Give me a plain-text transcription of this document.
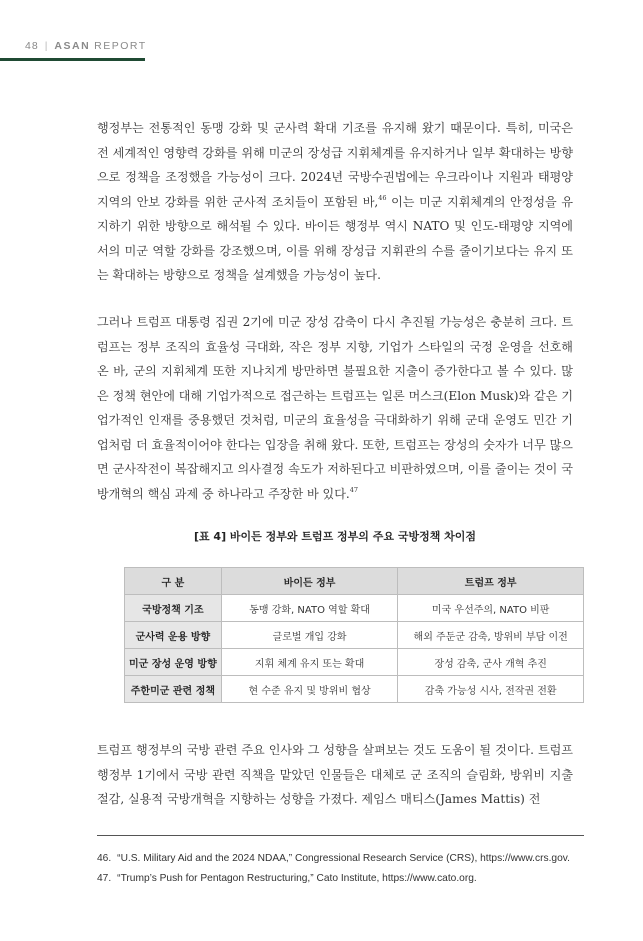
48 | ASAN REPORT

행정부는 전통적인 동맹 강화 및 군사력 확대 기조를 유지해 왔기 때문이다. 특히, 미국은 전 세계적인 영향력 강화를 위해 미군의 장성급 지휘체계를 유지하거나 일부 확대하는 방향으로 정책을 조정했을 가능성이 크다. 2024년 국방수권법에는 우크라이나 지원과 태평양 지역의 안보 강화를 위한 군사적 조치들이 포함된 바,$^{46}$ 이는 미군 지휘체계의 안정성을 유지하기 위한 방향으로 해석될 수 있다. 바이든 행정부 역시 NATO 및 인도-태평양 지역에서의 미군 역할 강화를 강조했으며, 이를 위해 장성급 지휘관의 수를 줄이기보다는 유지 또는 확대하는 방향으로 정책을 설계했을 가능성이 높다.

그러나 트럼프 대통령 집권 2기에 미군 장성 감축이 다시 추진될 가능성은 충분히 크다. 트럼프는 정부 조직의 효율성 극대화, 작은 정부 지향, 기업가 스타일의 국정 운영을 선호해 온 바, 군의 지휘체계 또한 지나치게 방만하면 불필요한 지출이 증가한다고 볼 수 있다. 많은 정책 현안에 대해 기업가적으로 접근하는 트럼프는 일론 머스크(Elon Musk)와 같은 기업가적인 인재를 중용했던 것처럼, 미군의 효율성을 극대화하기 위해 군대 운영도 민간 기업처럼 더 효율적이어야 한다는 입장을 취해 왔다. 또한, 트럼프는 장성의 숫자가 너무 많으면 군사작전이 복잡해지고 의사결정 속도가 저하된다고 비판하였으며, 이를 줄이는 것이 국방개혁의 핵심 과제 중 하나라고 주장한 바 있다.$^{47}$

[표 4] 바이든 정부와 트럼프 정부의 주요 국방정책 차이점
구 분	바이든 정부	트럼프 정부
국방정책 기조	동맹 강화, NATO 역할 확대	미국 우선주의, NATO 비판
군사력 운용 방향	글로벌 개입 강화	해외 주둔군 감축, 방위비 부담 이전
미군 장성 운영 방향	지휘 체계 유지 또는 확대	장성 감축, 군사 개혁 추진
주한미군 관련 정책	현 수준 유지 및 방위비 협상	감축 가능성 시사, 전작권 전환

트럼프 행정부의 국방 관련 주요 인사와 그 성향을 살펴보는 것도 도움이 될 것이다. 트럼프 행정부 1기에서 국방 관련 직책을 맡았던 인물들은 대체로 군 조직의 슬림화, 방위비 지출 절감, 실용적 국방개혁을 지향하는 성향을 가졌다. 제임스 매티스(James Mattis) 전

46. “U.S. Military Aid and the 2024 NDAA,” Congressional Research Service (CRS), https://www.crs.gov.
47. “Trump’s Push for Pentagon Restructuring,” Cato Institute, https://www.cato.org.
